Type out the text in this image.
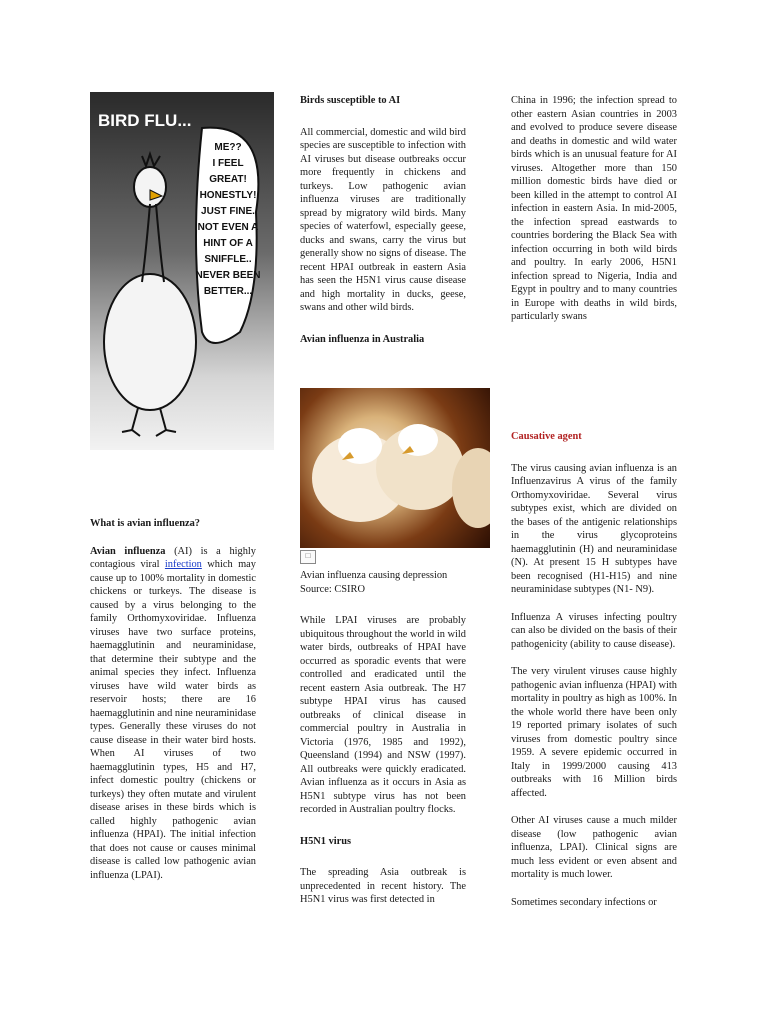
BIRD FLU...
ME??
I FEEL
GREAT!
HONESTLY!
JUST FINE.
NOT EVEN A
HINT OF A
SNIFFLE..
NEVER BEEN
BETTER...

What is avian influenza?

Avian influenza (AI) is a highly contagious viral infection which may cause up to 100% mortality in domestic chickens or turkeys. The disease is caused by a virus belonging to the family Orthomyxoviridae. Influenza viruses have two surface proteins, haemagglutinin and neuraminidase, that determine their subtype and the animal species they infect. Influenza viruses have wild water birds as reservoir hosts; there are 16 haemagglutinin and nine neuraminidase types. Generally these viruses do not cause disease in their water bird hosts. When AI viruses of two haemagglutinin types, H5 and H7, infect domestic poultry (chickens or turkeys) they often mutate and virulent disease arises in these birds which is called highly pathogenic avian influenza (HPAI). The initial infection that does not cause or causes minimal disease is called low pathogenic avian influenza (LPAI).

Birds susceptible to AI

All commercial, domestic and wild bird species are susceptible to infection with AI viruses but disease outbreaks occur more frequently in chickens and turkeys. Low pathogenic avian influenza viruses are traditionally spread by migratory wild birds. Many species of waterfowl, especially geese, ducks and swans, carry the virus but generally show no signs of disease. The recent HPAI outbreak in eastern Asia has seen the H5N1 virus cause disease and high mortality in ducks, geese, swans and other wild birds.

Avian influenza in Australia

□

Avian influenza causing depression

Source: CSIRO

While LPAI viruses are probably ubiquitous throughout the world in wild water birds, outbreaks of HPAI have occurred as sporadic events that were controlled and eradicated until the recent eastern Asia outbreak. The H7 subtype HPAI virus has caused outbreaks of clinical disease in commercial poultry in Australia in Victoria (1976, 1985 and 1992), Queensland (1994) and NSW (1997). All outbreaks were quickly eradicated. Avian influenza as it occurs in Asia as H5N1 subtype virus has not been recorded in Australian poultry flocks.

H5N1 virus

The spreading Asia outbreak is unprecedented in recent history. The H5N1 virus was first detected in

China in 1996; the infection spread to other eastern Asian countries in 2003 and evolved to produce severe disease and deaths in domestic and wild water birds which is an unusual feature for AI viruses. Altogether more than 150 million domestic birds have died or been killed in the attempt to control AI infection in eastern Asia. In mid-2005, the infection spread eastwards to countries bordering the Black Sea with infection occurring in both wild birds and poultry. In early 2006, H5N1 infection spread to Nigeria, India and Egypt in poultry and to many countries in Europe with deaths in wild birds, particularly swans

Causative agent

The virus causing avian influenza is an Influenzavirus A virus of the family Orthomyxoviridae. Several virus subtypes exist, which are divided on the bases of the antigenic relationships in the virus glycoproteins haemagglutinin (H) and neuraminidase (N). At present 15 H subtypes have been recognised (H1-H15) and nine neuraminidase subtypes (N1- N9).

Influenza A viruses infecting poultry can also be divided on the basis of their pathogenicity (ability to cause disease).

The very virulent viruses cause highly pathogenic avian influenza (HPAI) with mortality in poultry as high as 100%. In the whole world there have been only 19 reported primary isolates of such viruses from domestic poultry since 1959. A severe epidemic occurred in Italy in 1999/2000 causing 413 outbreaks with 16 Million birds affected.

Other AI viruses cause a much milder disease (low pathogenic avian influenza, LPAI). Clinical signs are much less evident or even absent and mortality is much lower.

Sometimes secondary infections or
